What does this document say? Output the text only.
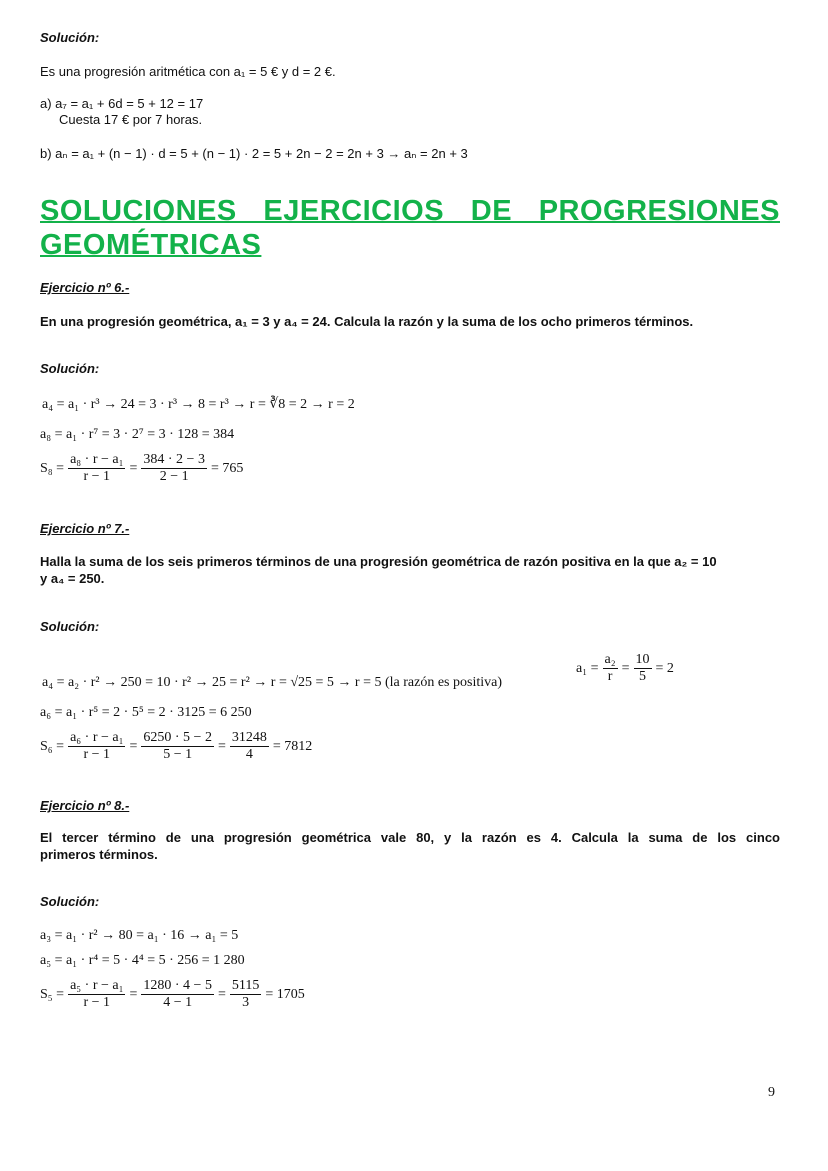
Solución:
Es una progresión aritmética con a₁ = 5 € y d = 2 €.
a) a₇ = a₁ + 6d = 5 + 12 = 17
Cuesta 17 € por 7 horas.
b) aₙ = a₁ + (n − 1) · d = 5 + (n − 1) · 2 = 5 + 2n − 2 = 2n + 3 → aₙ = 2n + 3
SOLUCIONES EJERCICIOS DE PROGRESIONES
GEOMÉTRICAS
Ejercicio nº 6.-
En una progresión geométrica, a₁ = 3 y a₄ = 24. Calcula la razón y la suma de los ocho primeros términos.
Solución:
a₄ = a₁ · r³ → 24 = 3 · r³ → 8 = r³ → r = ∛8 = 2 → r = 2
a₈ = a₁ · r⁷ = 3 · 2⁷ = 3 · 128 = 384
$S_8 = \frac{\text{a₈ · r − a₁}}{r - 1} = \frac{384 \cdot 2 - 3}{2 - 1} = 765$
Ejercicio nº 7.-
Halla la suma de los seis primeros términos de una progresión geométrica de razón positiva en la que a₂ = 10
y a₄ = 250.
Solución:
$a_1 = \frac{\text{a₂}}{r} = \frac{10}{5} = 2$
a₄ = a₂ · r² → 250 = 10 · r² → 25 = r² → r = √25 = 5 → r = 5 (la razón es positiva)
a₆ = a₁ · r⁵ = 2 · 5⁵ = 2 · 3125 = 6 250
$S_6 = \frac{\text{a₆ · r − a₁}}{r - 1} = \frac{6250 \cdot 5 - 2}{5 - 1} = \frac{31248}{4} = 7812$
Ejercicio nº 8.-
El tercer término de una progresión geométrica vale 80, y la razón es 4. Calcula la suma de los cinco
primeros términos.
Solución:
a₃ = a₁ · r² → 80 = a₁ · 16 → a₁ = 5
a₅ = a₁ · r⁴ = 5 · 4⁴ = 5 · 256 = 1 280
$S_5 = \frac{\text{a₅ · r − a₁}}{r - 1} = \frac{1280 \cdot 4 - 5}{4 - 1} = \frac{5115}{3} = 1705$
9
